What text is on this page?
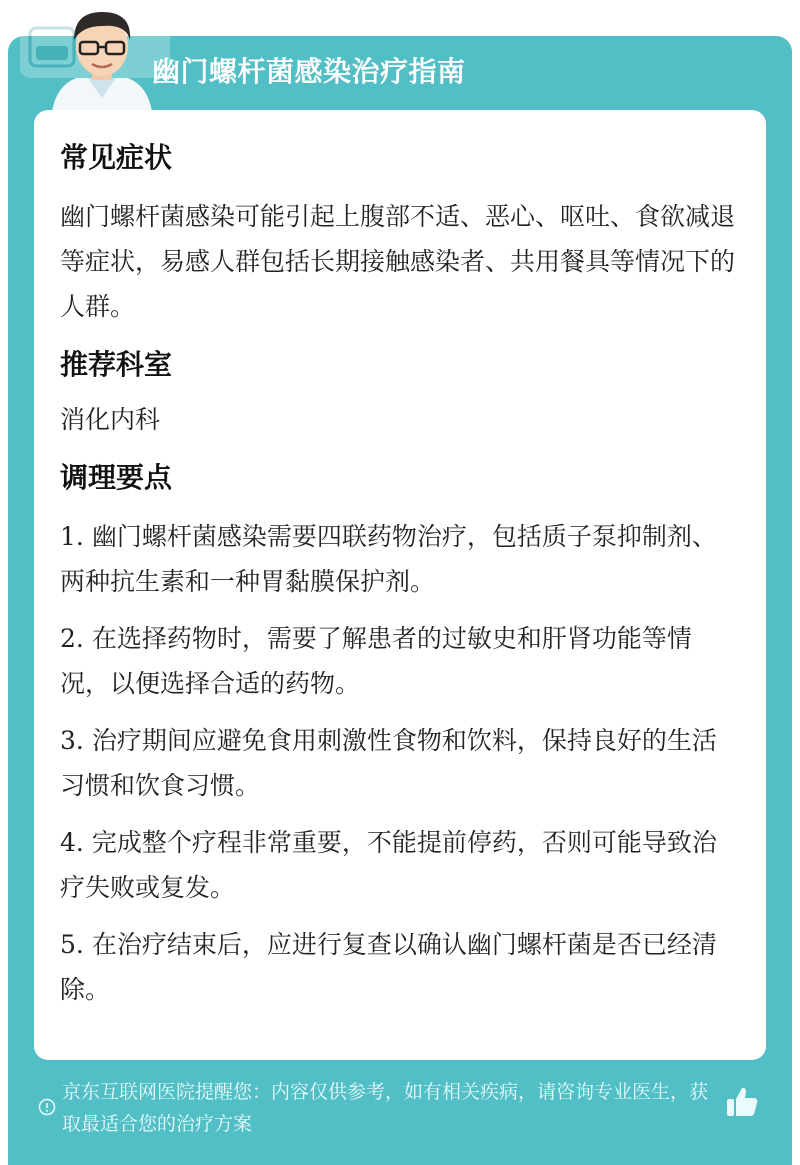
幽门螺杆菌感染治疗指南
常见症状
幽门螺杆菌感染可能引起上腹部不适、恶心、呕吐、食欲减退等症状，易感人群包括长期接触感染者、共用餐具等情况下的人群。
推荐科室
消化内科
调理要点
1. 幽门螺杆菌感染需要四联药物治疗，包括质子泵抑制剂、两种抗生素和一种胃黏膜保护剂。
2. 在选择药物时，需要了解患者的过敏史和肝肾功能等情况，以便选择合适的药物。
3. 治疗期间应避免食用刺激性食物和饮料，保持良好的生活习惯和饮食习惯。
4. 完成整个疗程非常重要，不能提前停药，否则可能导致治疗失败或复发。
5. 在治疗结束后，应进行复查以确认幽门螺杆菌是否已经清除。
京东互联网医院提醒您：内容仅供参考，如有相关疾病，请咨询专业医生，获取最适合您的治疗方案
